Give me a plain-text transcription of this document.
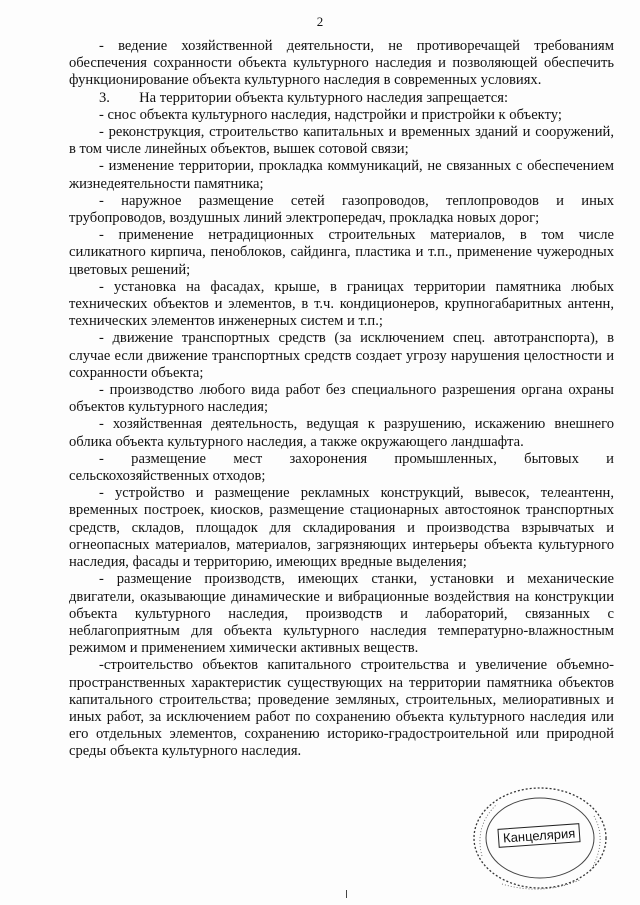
2

- ведение хозяйственной деятельности, не противоречащей требованиям обеспечения сохранности объекта культурного наследия и позволяющей обеспечить функционирование объекта культурного наследия в современных условиях.

3.        На территории объекта культурного наследия запрещается:

- снос объекта культурного наследия, надстройки и пристройки к объекту;

- реконструкция, строительство капитальных и временных зданий и сооружений, в том числе линейных объектов, вышек сотовой связи;

- изменение территории, прокладка коммуникаций, не связанных с обеспечением жизнедеятельности памятника;

- наружное размещение сетей газопроводов, теплопроводов и иных трубопроводов, воздушных линий электропередач, прокладка новых дорог;

- применение нетрадиционных строительных материалов, в том числе силикатного кирпича, пеноблоков, сайдинга, пластика и т.п., применение чужеродных цветовых решений;

- установка на фасадах, крыше, в границах территории памятника любых технических объектов и элементов, в т.ч. кондиционеров, крупногабаритных антенн, технических элементов инженерных систем и т.п.;

- движение транспортных средств (за исключением спец. автотранспорта), в случае если движение транспортных средств создает угрозу нарушения целостности и сохранности объекта;

- производство любого вида работ без специального разрешения органа охраны объектов культурного наследия;

- хозяйственная деятельность, ведущая к разрушению, искажению внешнего облика объекта культурного наследия, а также окружающего ландшафта.

- размещение мест захоронения промышленных, бытовых и сельскохозяйственных отходов;

- устройство и размещение рекламных конструкций, вывесок, телеантенн, временных построек, киосков, размещение стационарных автостоянок транспортных средств, складов, площадок для складирования и производства взрывчатых и огнеопасных материалов, материалов, загрязняющих интерьеры объекта культурного наследия, фасады и территорию, имеющих вредные выделения;

- размещение производств, имеющих станки, установки и механические двигатели, оказывающие динамические и вибрационные воздействия на конструкции объекта культурного наследия, производств и лабораторий, связанных с неблагоприятным для объекта культурного наследия температурно-влажностным режимом и применением химически активных веществ.

-строительство объектов капитального строительства и увеличение объемно-пространственных характеристик существующих на территории памятника объектов капитального строительства; проведение земляных, строительных, мелиоративных и иных работ, за исключением работ по сохранению объекта культурного наследия или его отдельных элементов, сохранению историко-градостроительной или природной среды объекта культурного наследия.

Канцелярия
